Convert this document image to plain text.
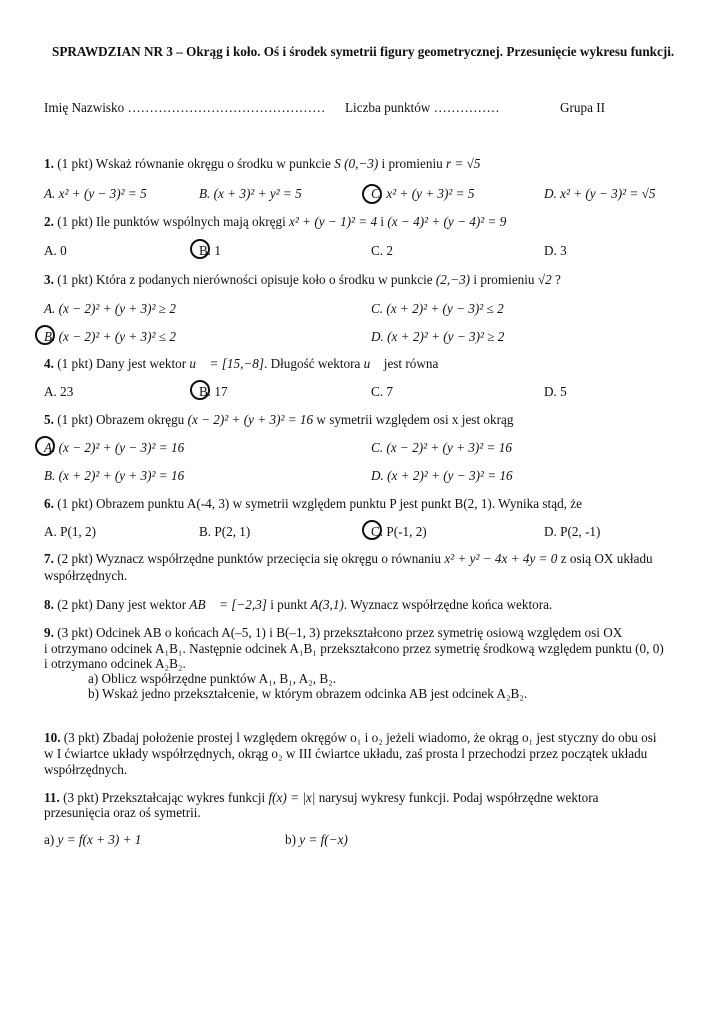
SPRAWDZIAN NR 3 – Okrąg i koło. Oś i środek symetrii figury geometrycznej. Przesunięcie wykresu funkcji.
Imię Nazwisko ……………………………………… Liczba punktów ……………	Grupa II
1. (1 pkt) Wskaż równanie okręgu o środku w punkcie S (0,−3) i promieniu r = √5
A. x² + (y − 3)² = 5	B. (x + 3)² + y² = 5	C. x² + (y + 3)² = 5	D. x² + (y − 3)² = √5
2. (1 pkt) Ile punktów wspólnych mają okręgi x² + (y − 1)² = 4 i (x − 4)² + (y − 4)² = 9
A. 0	B. 1	C. 2	D. 3
3. (1 pkt) Która z podanych nierówności opisuje koło o środku w punkcie (2,−3) i promieniu √2 ?
A. (x − 2)² + (y + 3)² ≥ 2	C. (x + 2)² + (y − 3)² ≤ 2
B. (x − 2)² + (y + 3)² ≤ 2	D. (x + 2)² + (y − 3)² ≥ 2
4. (1 pkt) Dany jest wektor u⃗ = [15,−8]. Długość wektora u⃗ jest równa
A. 23	B. 17	C. 7	D. 5
5. (1 pkt) Obrazem okręgu (x − 2)² + (y + 3)² = 16 w symetrii względem osi x jest okrąg
A. (x − 2)² + (y − 3)² = 16	C. (x − 2)² + (y + 3)² = 16
B. (x + 2)² + (y + 3)² = 16	D. (x + 2)² + (y − 3)² = 16
6. (1 pkt) Obrazem punktu A(-4, 3) w symetrii względem punktu P jest punkt B(2, 1). Wynika stąd, że
A. P(1, 2)	B. P(2, 1)	C. P(-1, 2)	D. P(2, -1)
7. (2 pkt) Wyznacz współrzędne punktów przecięcia się okręgu o równaniu x² + y² − 4x + 4y = 0 z osią OX układu
współrzędnych.
8. (2 pkt) Dany jest wektor AB⃗ = [−2,3] i punkt A(3,1). Wyznacz współrzędne końca wektora.
9. (3 pkt) Odcinek AB o końcach A(–5, 1) i B(–1, 3) przekształcono przez symetrię osiową względem osi OX
i otrzymano odcinek A₁B₁. Następnie odcinek A₁B₁ przekształcono przez symetrię środkową względem punktu (0, 0)
i otrzymano odcinek A₂B₂.
a) Oblicz współrzędne punktów A₁, B₁, A₂, B₂.
b) Wskaż jedno przekształcenie, w którym obrazem odcinka AB jest odcinek A₂B₂.
10. (3 pkt) Zbadaj położenie prostej l względem okręgów o₁ i o₂ jeżeli wiadomo, że okrąg o₁ jest styczny do obu osi
w I ćwiartce układy współrzędnych, okrąg o₂ w III ćwiartce układu, zaś prosta l przechodzi przez początek układu
współrzędnych.
11. (3 pkt) Przekształcając wykres funkcji f(x) = |x| narysuj wykresy funkcji. Podaj współrzędne wektora
przesunięcia oraz oś symetrii.
a) y = f(x + 3) + 1	b) y = f(−x)
